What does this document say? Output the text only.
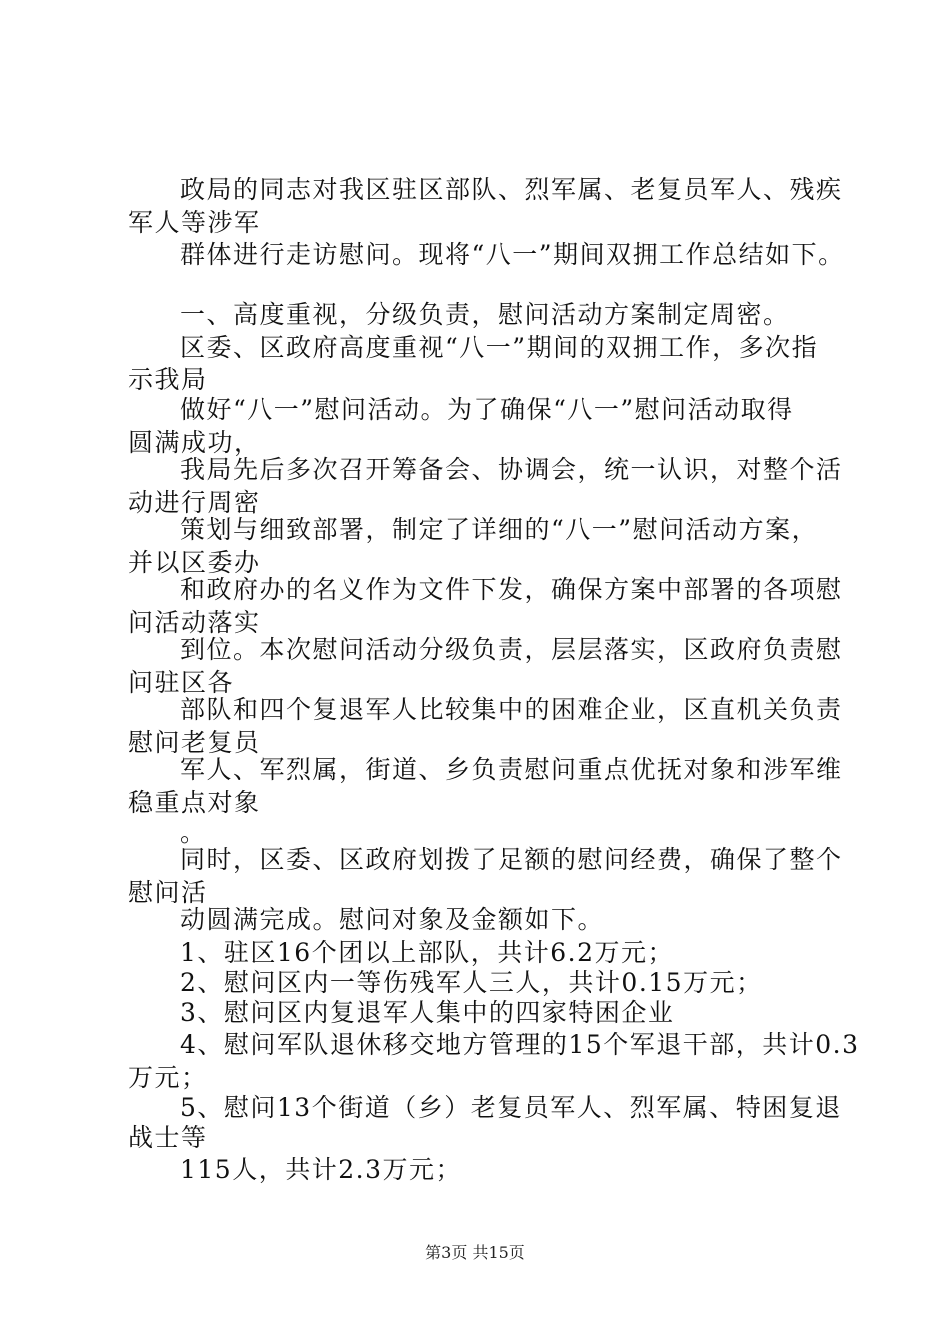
政局的同志对我区驻区部队、烈军属、老复员军人、残疾
军人等涉军
群体进行走访慰问。现将“八一”期间双拥工作总结如下。
一、高度重视，分级负责，慰问活动方案制定周密。
区委、区政府高度重视“八一”期间的双拥工作，多次指
示我局
做好“八一”慰问活动。为了确保“八一”慰问活动取得
圆满成功，
我局先后多次召开筹备会、协调会，统一认识，对整个活
动进行周密
策划与细致部署，制定了详细的“八一”慰问活动方案，
并以区委办
和政府办的名义作为文件下发，确保方案中部署的各项慰
问活动落实
到位。本次慰问活动分级负责，层层落实，区政府负责慰
问驻区各
部队和四个复退军人比较集中的困难企业，区直机关负责
慰问老复员
军人、军烈属，街道、乡负责慰问重点优抚对象和涉军维
稳重点对象
。
同时，区委、区政府划拨了足额的慰问经费，确保了整个
慰问活
动圆满完成。慰问对象及金额如下。
1、驻区16个团以上部队，共计6.2万元；
2、慰问区内一等伤残军人三人，共计0.15万元；
3、慰问区内复退军人集中的四家特困企业
4、慰问军队退休移交地方管理的15个军退干部，共计0.3
万元；
5、慰问13个街道（乡）老复员军人、烈军属、特困复退
战士等
115人，共计2.3万元；
第3页 共15页
